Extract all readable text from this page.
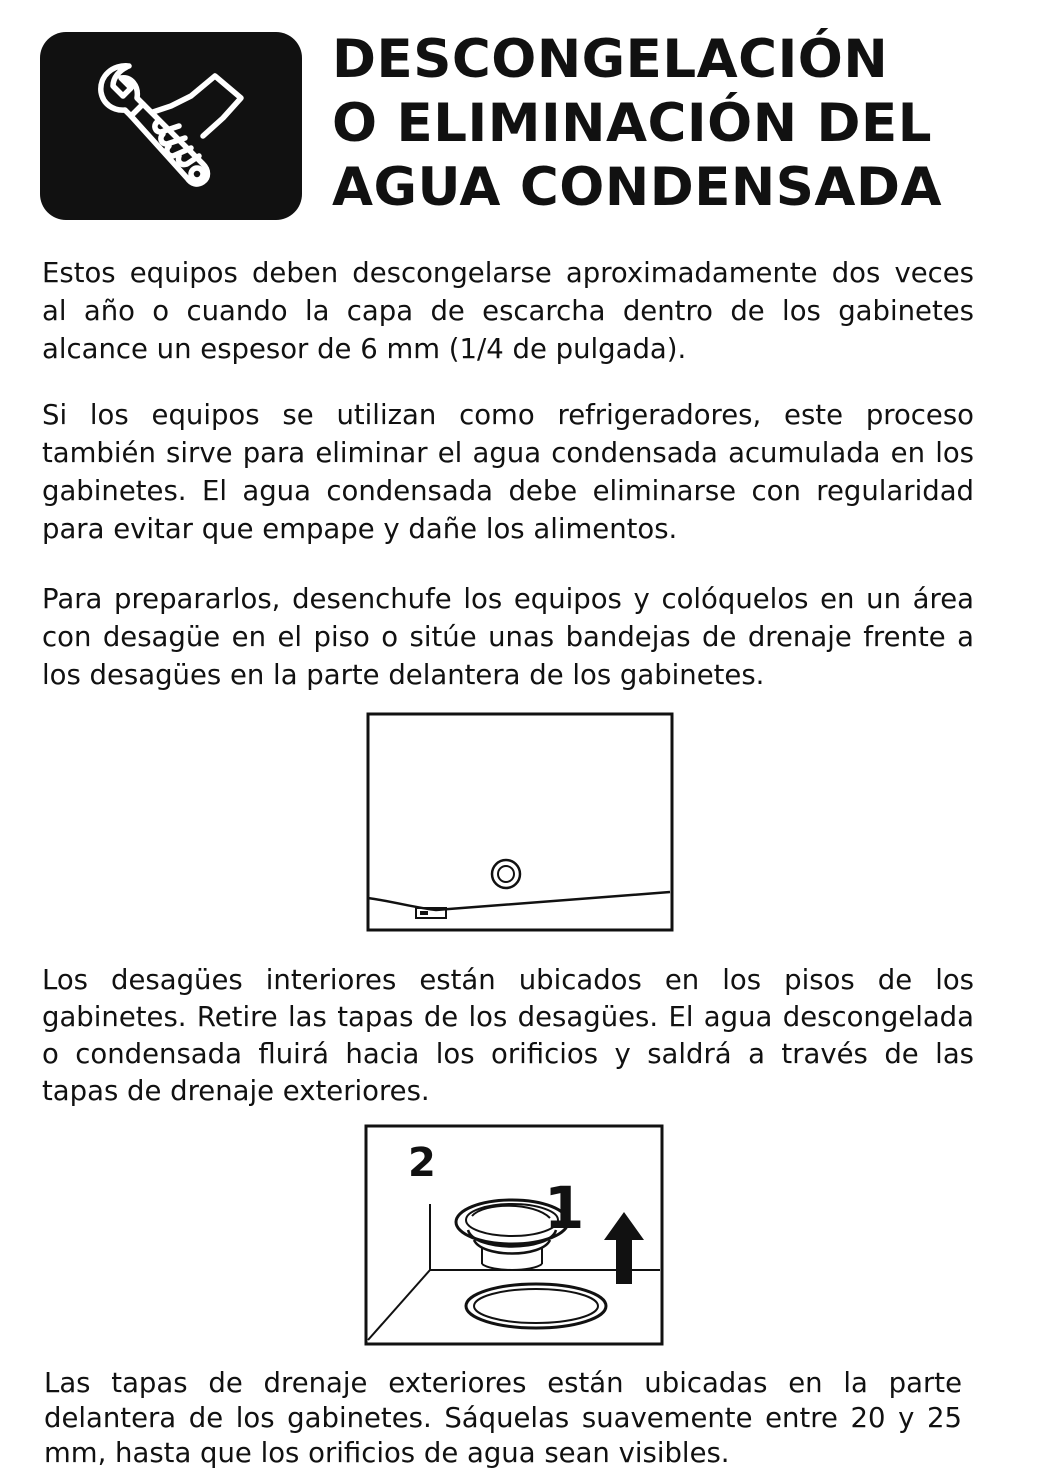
DESCONGELACIÓN
O ELIMINACIÓN DEL
AGUA CONDENSADA

Estos equipos deben descongelarse aproximadamente dos veces al año o cuando la capa de escarcha dentro de los gabinetes alcance un espesor de 6 mm (1/4 de pulgada).

Si los equipos se utilizan como refrigeradores, este proceso también sirve para eliminar el agua condensada acumulada en los gabinetes. El agua condensada debe eliminarse con regularidad para evitar que empape y dañe los alimentos.

Para prepararlos, desenchufe los equipos y colóquelos en un área con desagüe en el piso o sitúe unas bandejas de drenaje frente a los desagües en la parte delantera de los gabinetes.

Los desagües interiores están ubicados en los pisos de los gabinetes. Retire las tapas de los desagües. El agua descongelada o condensada fluirá hacia los orificios y saldrá a través de las tapas de drenaje exteriores.

2
1

Las tapas de drenaje exteriores están ubicadas en la parte delantera de los gabinetes. Sáquelas suavemente entre 20 y 25 mm, hasta que los orificios de agua sean visibles.
